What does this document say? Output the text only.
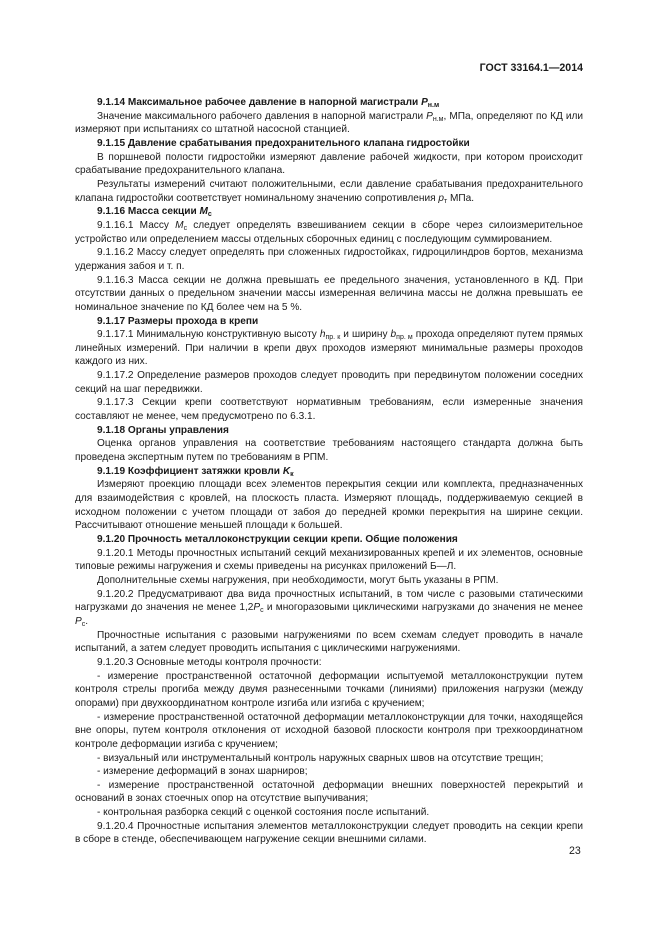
ГОСТ 33164.1—2014

9.1.14 Максимальное рабочее давление в напорной магистрали $P_{н.м}$

Значение максимального рабочего давления в напорной магистрали $P_{н.м}$, МПа, определяют по КД или измеряют при испытаниях со штатной насосной станцией.

9.1.15 Давление срабатывания предохранительного клапана гидростойки

В поршневой полости гидростойки измеряют давление рабочей жидкости, при котором происходит срабатывание предохранительного клапана.

Результаты измерений считают положительными, если давление срабатывания предохранительного клапана гидростойки соответствует номинальному значению сопротивления $p_т$ МПа.

9.1.16 Масса секции $M_c$

9.1.16.1 Массу $M_c$ следует определять взвешиванием секции в сборе через силоизмерительное устройство или определением массы отдельных сборочных единиц с последующим суммированием.

9.1.16.2 Массу следует определять при сложенных гидростойках, гидроцилиндров бортов, механизма удержания забоя и т. п.

9.1.16.3 Масса секции не должна превышать ее предельного значения, установленного в КД. При отсутствии данных о предельном значении массы измеренная величина массы не должна превышать ее номинальное значение по КД более чем на 5 %.

9.1.17 Размеры прохода в крепи

9.1.17.1 Минимальную конструктивную высоту $h_{пр. к}$ и ширину $b_{пр. м}$ прохода определяют путем прямых линейных измерений. При наличии в крепи двух проходов измеряют минимальные размеры проходов каждого из них.

9.1.17.2 Определение размеров проходов следует проводить при передвинутом положении соседних секций на шаг передвижки.

9.1.17.3 Секции крепи соответствуют нормативным требованиям, если измеренные значения составляют не менее, чем предусмотрено по 6.3.1.

9.1.18 Органы управления

Оценка органов управления на соответствие требованиям настоящего стандарта должна быть проведена экспертным путем по требованиям в РПМ.

9.1.19 Коэффициент затяжки кровли $K_к$

Измеряют проекцию площади всех элементов перекрытия секции или комплекта, предназначенных для взаимодействия с кровлей, на плоскость пласта. Измеряют площадь, поддерживаемую секцией в исходном положении с учетом площади от забоя до передней кромки перекрытия на ширине секции. Рассчитывают отношение меньшей площади к большей.

9.1.20 Прочность металлоконструкции секции крепи. Общие положения

9.1.20.1 Методы прочностных испытаний секций механизированных крепей и их элементов, основные типовые режимы нагружения и схемы приведены на рисунках приложений Б—Л.

Дополнительные схемы нагружения, при необходимости, могут быть указаны в РПМ.

9.1.20.2 Предусматривают два вида прочностных испытаний, в том числе с разовыми статическими нагрузками до значения не менее $1,2P_c$ и многоразовыми циклическими нагрузками до значения не менее $P_c$.

Прочностные испытания с разовыми нагружениями по всем схемам следует проводить в начале испытаний, а затем следует проводить испытания с циклическими нагружениями.

9.1.20.3 Основные методы контроля прочности:

- измерение пространственной остаточной деформации испытуемой металлоконструкции путем контроля стрелы прогиба между двумя разнесенными точками (линиями) приложения нагрузки (между опорами) при двухкоординатном контроле изгиба или изгиба с кручением;

- измерение пространственной остаточной деформации металлоконструкции для точки, находящейся вне опоры, путем контроля отклонения от исходной базовой плоскости контроля при трехкоординатном контроле деформации изгиба с кручением;

- визуальный или инструментальный контроль наружных сварных швов на отсутствие трещин;

- измерение деформаций в зонах шарниров;

- измерение пространственной остаточной деформации внешних поверхностей перекрытий и оснований в зонах стоечных опор на отсутствие выпучивания;

- контрольная разборка секций с оценкой состояния после испытаний.

9.1.20.4 Прочностные испытания элементов металлоконструкции следует проводить на секции крепи в сборе в стенде, обеспечивающем нагружение секции внешними силами.

23
